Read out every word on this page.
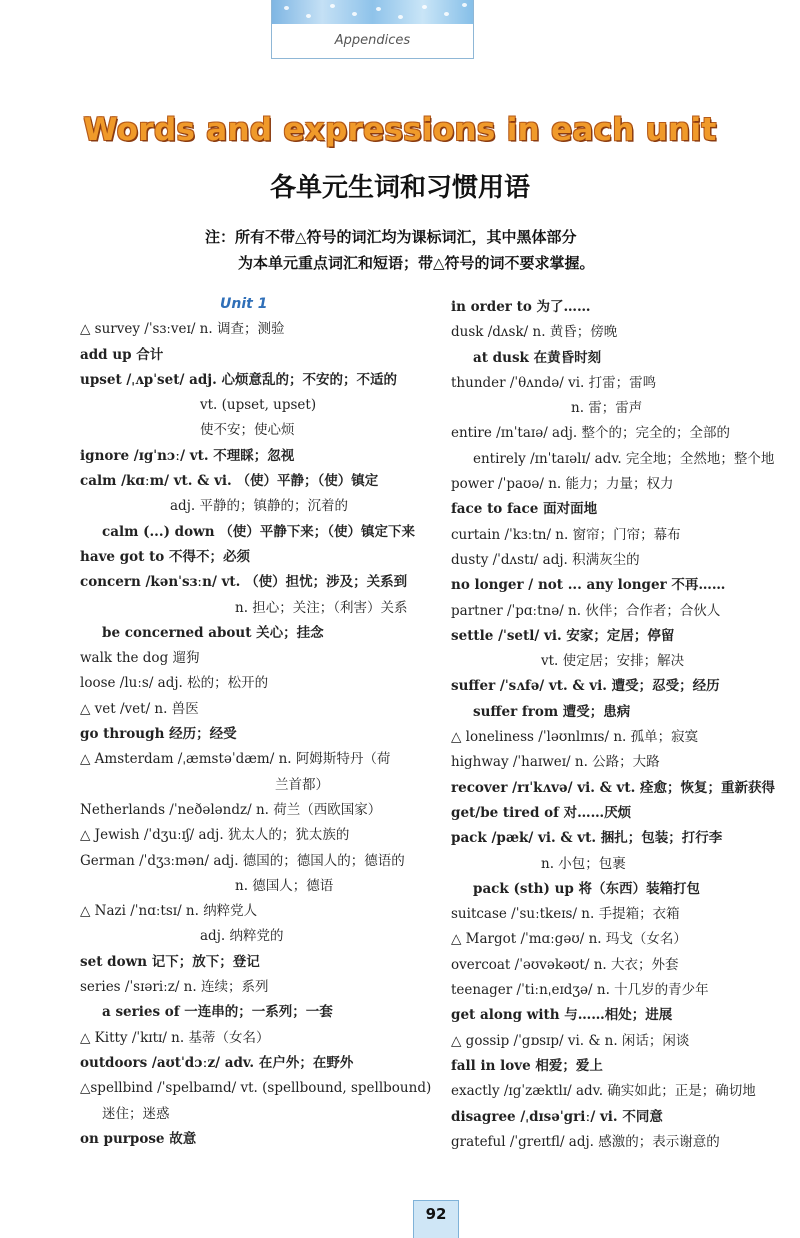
Appendices
Words and expressions in each unit
各单元生词和习惯用语
注：所有不带△符号的词汇均为课标词汇，其中黑体部分
为本单元重点词汇和短语；带△符号的词不要求掌握。
Unit 1
△ survey /ˈsɜːveɪ/ n. 调查；测验
add up 合计
upset /ˌʌpˈset/ adj. 心烦意乱的；不安的；不适的
vt. (upset, upset)
使不安；使心烦
ignore /ɪgˈnɔː/ vt. 不理睬；忽视
calm /kɑːm/ vt. & vi. （使）平静；（使）镇定
adj. 平静的；镇静的；沉着的
calm (...) down （使）平静下来；（使）镇定下来
have got to 不得不；必须
concern /kənˈsɜːn/ vt. （使）担忧；涉及；关系到
n. 担心；关注；（利害）关系
be concerned about 关心；挂念
walk the dog 遛狗
loose /luːs/ adj. 松的；松开的
△ vet /vet/ n. 兽医
go through 经历；经受
△ Amsterdam /ˌæmstəˈdæm/ n. 阿姆斯特丹（荷
兰首都）
Netherlands /ˈneðələndz/ n. 荷兰（西欧国家）
△ Jewish /ˈdʒuːɪʃ/ adj. 犹太人的；犹太族的
German /ˈdʒɜːmən/ adj. 德国的；德国人的；德语的
n. 德国人；德语
△ Nazi /ˈnɑːtsɪ/ n. 纳粹党人
adj. 纳粹党的
set down 记下；放下；登记
series /ˈsɪəriːz/ n. 连续；系列
a series of 一连串的；一系列；一套
△ Kitty /ˈkɪtɪ/ n. 基蒂（女名）
outdoors /aʊtˈdɔːz/ adv. 在户外；在野外
△spellbind /ˈspelbaɪnd/ vt. (spellbound, spellbound)
迷住；迷惑
on purpose 故意
in order to 为了……
dusk /dʌsk/ n. 黄昏；傍晚
at dusk 在黄昏时刻
thunder /ˈθʌndə/ vi. 打雷；雷鸣
n. 雷；雷声
entire /ɪnˈtaɪə/ adj. 整个的；完全的；全部的
entirely /ɪnˈtaɪəlɪ/ adv. 完全地；全然地；整个地
power /ˈpaʊə/ n. 能力；力量；权力
face to face 面对面地
curtain /ˈkɜːtn/ n. 窗帘；门帘；幕布
dusty /ˈdʌstɪ/ adj. 积满灰尘的
no longer / not ... any longer 不再……
partner /ˈpɑːtnə/ n. 伙伴；合作者；合伙人
settle /ˈsetl/ vi. 安家；定居；停留
vt. 使定居；安排；解决
suffer /ˈsʌfə/ vt. & vi. 遭受；忍受；经历
suffer from 遭受；患病
△ loneliness /ˈləʊnlɪnɪs/ n. 孤单；寂寞
highway /ˈhaɪweɪ/ n. 公路；大路
recover /rɪˈkʌvə/ vi. & vt. 痊愈；恢复；重新获得
get/be tired of 对……厌烦
pack /pæk/ vi. & vt. 捆扎；包装；打行李
n. 小包；包裹
pack (sth) up 将（东西）装箱打包
suitcase /ˈsuːtkeɪs/ n. 手提箱；衣箱
△ Margot /ˈmɑːgəʊ/ n. 玛戈（女名）
overcoat /ˈəʊvəkəʊt/ n. 大衣；外套
teenager /ˈtiːnˌeɪdʒə/ n. 十几岁的青少年
get along with 与……相处；进展
△ gossip /ˈgɒsɪp/ vi. & n. 闲话；闲谈
fall in love 相爱；爱上
exactly /ɪgˈzæktlɪ/ adv. 确实如此；正是；确切地
disagree /ˌdɪsəˈgriː/ vi. 不同意
grateful /ˈgreɪtfl/ adj. 感激的；表示谢意的
92
